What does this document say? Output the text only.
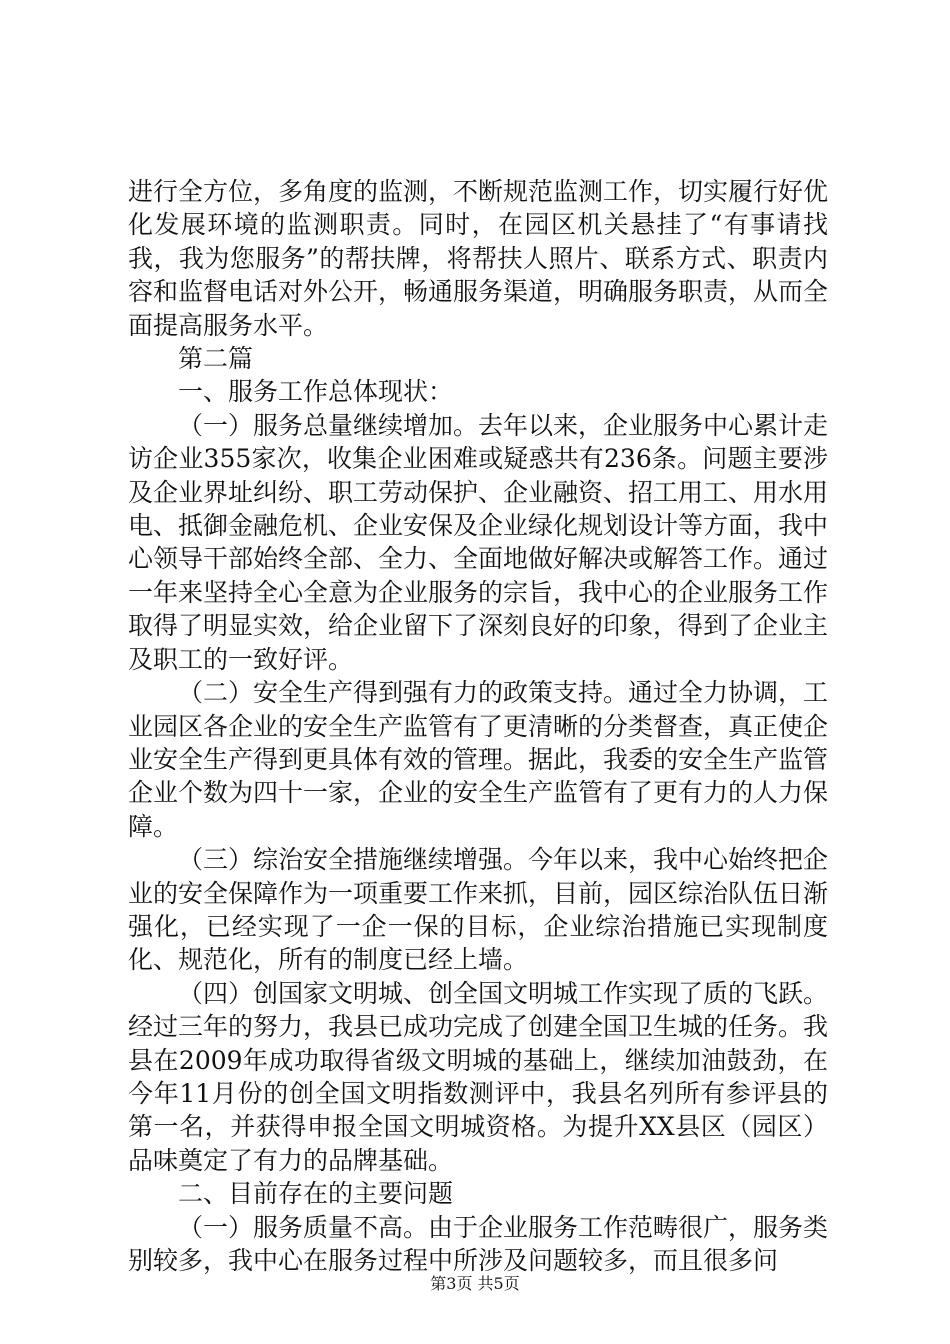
进行全方位，多角度的监测，不断规范监测工作，切实履行好优化发展环境的监测职责。同时，在园区机关悬挂了“有事请找我，我为您服务”的帮扶牌，将帮扶人照片、联系方式、职责内容和监督电话对外公开，畅通服务渠道，明确服务职责，从而全面提高服务水平。

第二篇

一、服务工作总体现状：

（一）服务总量继续增加。去年以来，企业服务中心累计走访企业355家次，收集企业困难或疑惑共有236条。问题主要涉及企业界址纠纷、职工劳动保护、企业融资、招工用工、用水用电、抵御金融危机、企业安保及企业绿化规划设计等方面，我中心领导干部始终全部、全力、全面地做好解决或解答工作。通过一年来坚持全心全意为企业服务的宗旨，我中心的企业服务工作取得了明显实效，给企业留下了深刻良好的印象，得到了企业主及职工的一致好评。

（二）安全生产得到强有力的政策支持。通过全力协调，工业园区各企业的安全生产监管有了更清晰的分类督查，真正使企业安全生产得到更具体有效的管理。据此，我委的安全生产监管企业个数为四十一家，企业的安全生产监管有了更有力的人力保障。

（三）综治安全措施继续增强。今年以来，我中心始终把企业的安全保障作为一项重要工作来抓，目前，园区综治队伍日渐强化，已经实现了一企一保的目标，企业综治措施已实现制度化、规范化，所有的制度已经上墙。

（四）创国家文明城、创全国文明城工作实现了质的飞跃。经过三年的努力，我县已成功完成了创建全国卫生城的任务。我县在2009年成功取得省级文明城的基础上，继续加油鼓劲，在今年11月份的创全国文明指数测评中，我县名列所有参评县的第一名，并获得申报全国文明城资格。为提升XX县区（园区）品味奠定了有力的品牌基础。

二、目前存在的主要问题

（一）服务质量不高。由于企业服务工作范畴很广，服务类别较多，我中心在服务过程中所涉及问题较多，而且很多问

第3页 共5页
